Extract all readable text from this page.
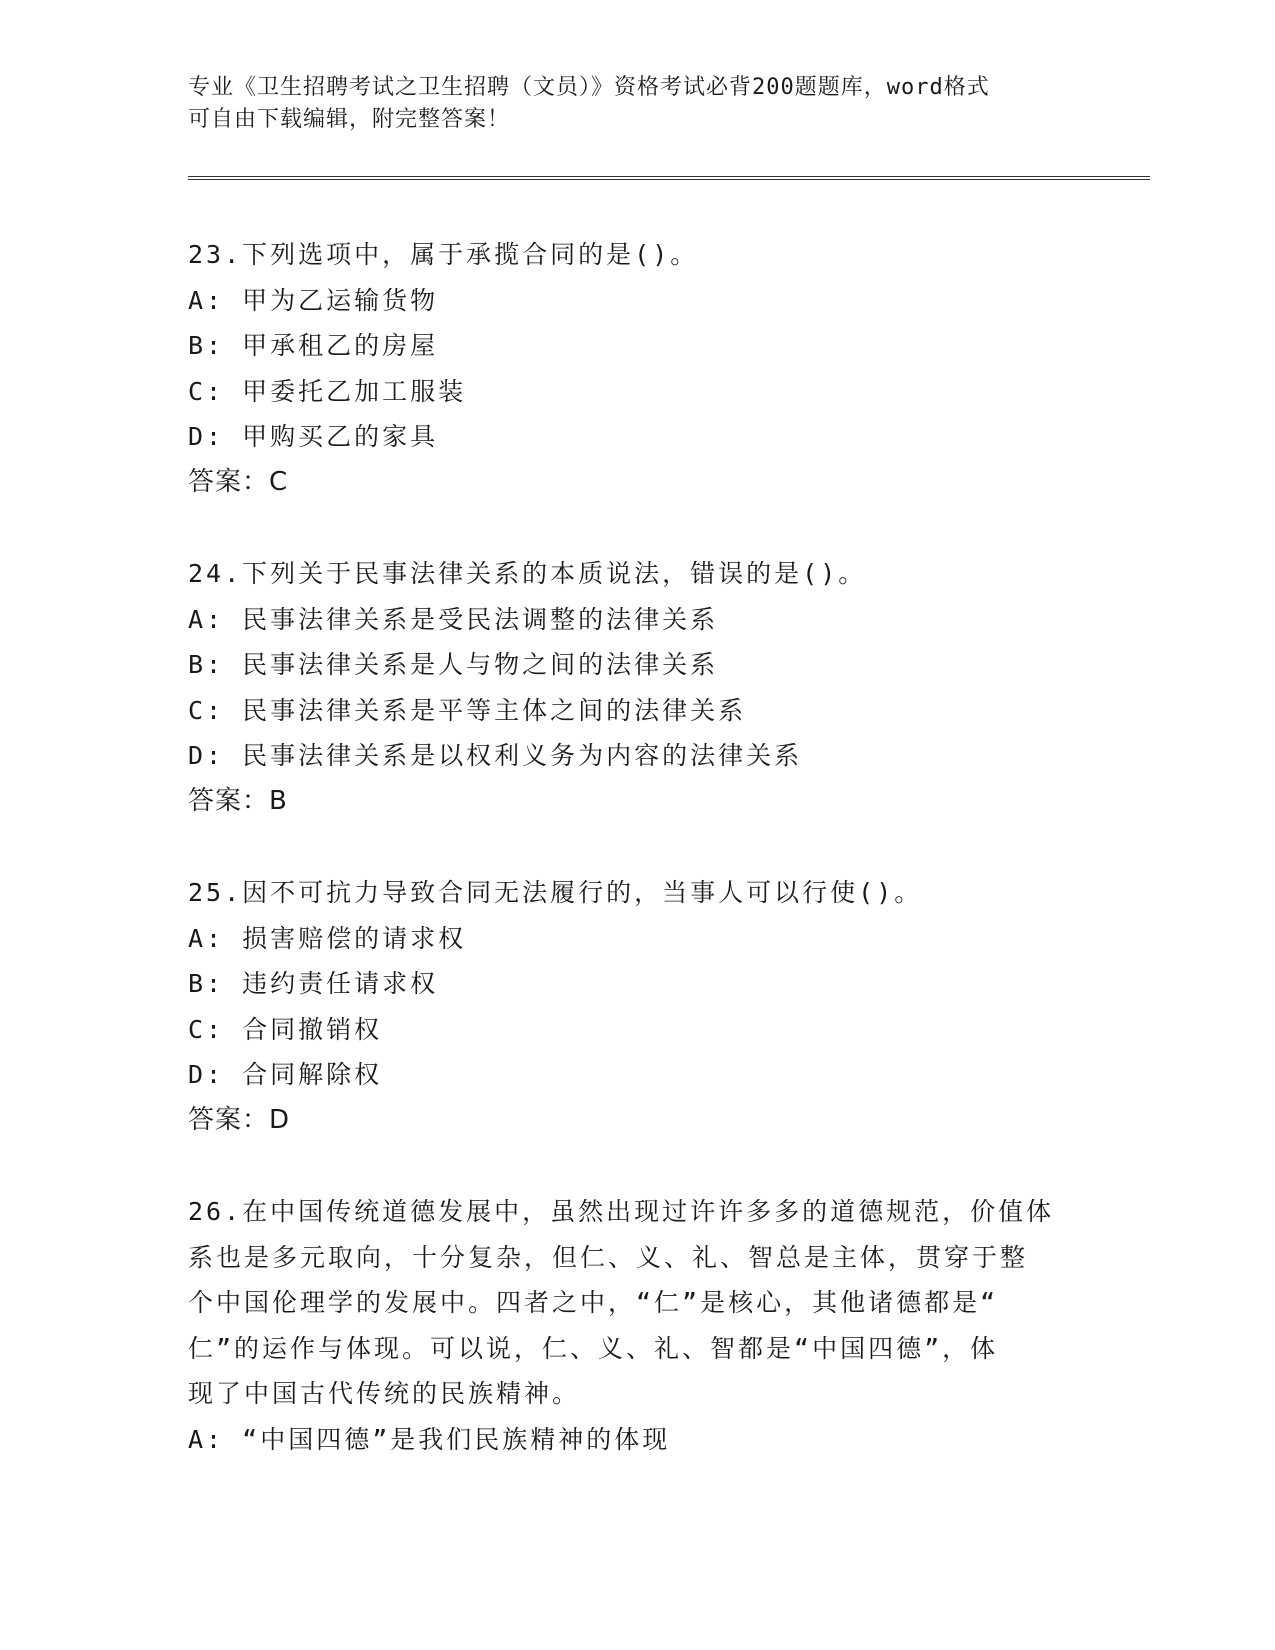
专业《卫生招聘考试之卫生招聘（文员）》资格考试必背200题题库，word格式
可自由下载编辑，附完整答案！
23.下列选项中，属于承揽合同的是()。
A: 甲为乙运输货物
B: 甲承租乙的房屋
C: 甲委托乙加工服装
D: 甲购买乙的家具
答案：C
24.下列关于民事法律关系的本质说法，错误的是()。
A: 民事法律关系是受民法调整的法律关系
B: 民事法律关系是人与物之间的法律关系
C: 民事法律关系是平等主体之间的法律关系
D: 民事法律关系是以权利义务为内容的法律关系
答案：B
25.因不可抗力导致合同无法履行的，当事人可以行使()。
A: 损害赔偿的请求权
B: 违约责任请求权
C: 合同撤销权
D: 合同解除权
答案：D
26.在中国传统道德发展中，虽然出现过许许多多的道德规范，价值体
系也是多元取向，十分复杂，但仁、义、礼、智总是主体，贯穿于整
个中国伦理学的发展中。四者之中，“仁”是核心，其他诸德都是“
仁”的运作与体现。可以说，仁、义、礼、智都是“中国四德”，体
现了中国古代传统的民族精神。
A: “中国四德”是我们民族精神的体现
